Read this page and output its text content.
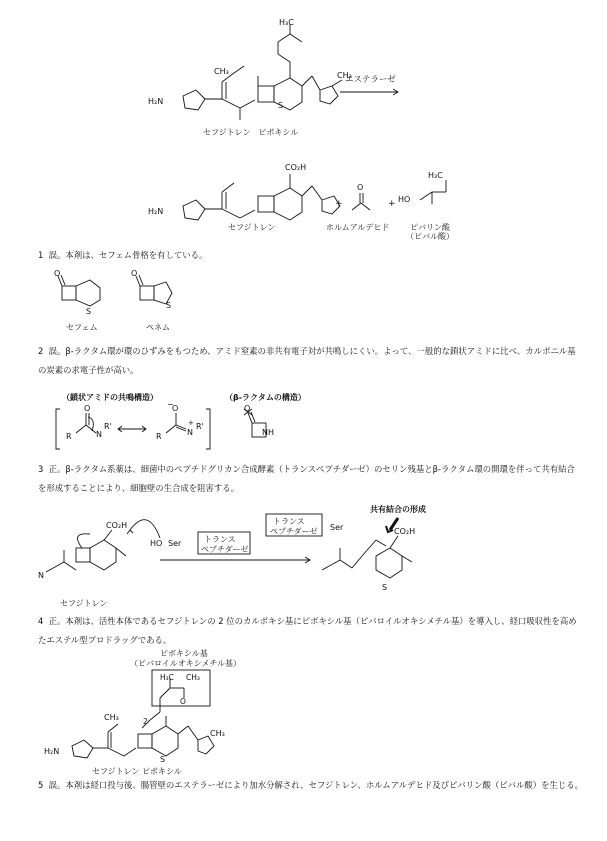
H₂N
CH₃
H₃C
CH₃
S
エステラーゼ
セフジトレン　ピボキシル
H₂N
CO₂H
O
HO
H₃C
+	+
セフジトレン	ホルムアルデヒド	ピバリン酸
（ピバル酸）
1 誤。本剤は、セフェム骨格を有している。
O
S
O
S
セフェム	ペネム
2 誤。β-ラクタム環が環のひずみをもつため、アミド窒素の非共有電子対が共鳴しにくい。よって、一般的な鎖状アミドに比べ、カルボニル基の炭素の求電子性が高い。
（鎖状アミドの共鳴構造）	（β-ラクタムの構造）
R
O
N
R'
R
O
−
N
+ R'
O
NH
3 正。β-ラクタム系薬は、細菌中のペプチドグリカン合成酵素（トランスペプチダーゼ）のセリン残基とβ-ラクタム環の開環を伴って共有結合を形成することにより、細胞壁の生合成を阻害する。
N
CO₂H
HO Ser	トランス
ペプチダーゼ
トランス
ペプチダーゼ Ser
共有結合の形成
CO₂H
S
セフジトレン
4 正。本剤は、活性本体であるセフジトレンの 2 位のカルボキシ基にピボキシル基（ピバロイルオキシメチル基）を導入し、経口吸収性を高めたエステル型プロドラッグである。
ピボキシル基
（ピバロイルオキシメチル基）
H₃C CH₃
O
2
H₂N
CH₃
CH₃
S
セフジトレン ピボキシル
5 誤。本剤は経口投与後、腸管壁のエステラーゼにより加水分解され、セフジトレン、ホルムアルデヒド及びピバリン酸（ピバル酸）を生じる。
